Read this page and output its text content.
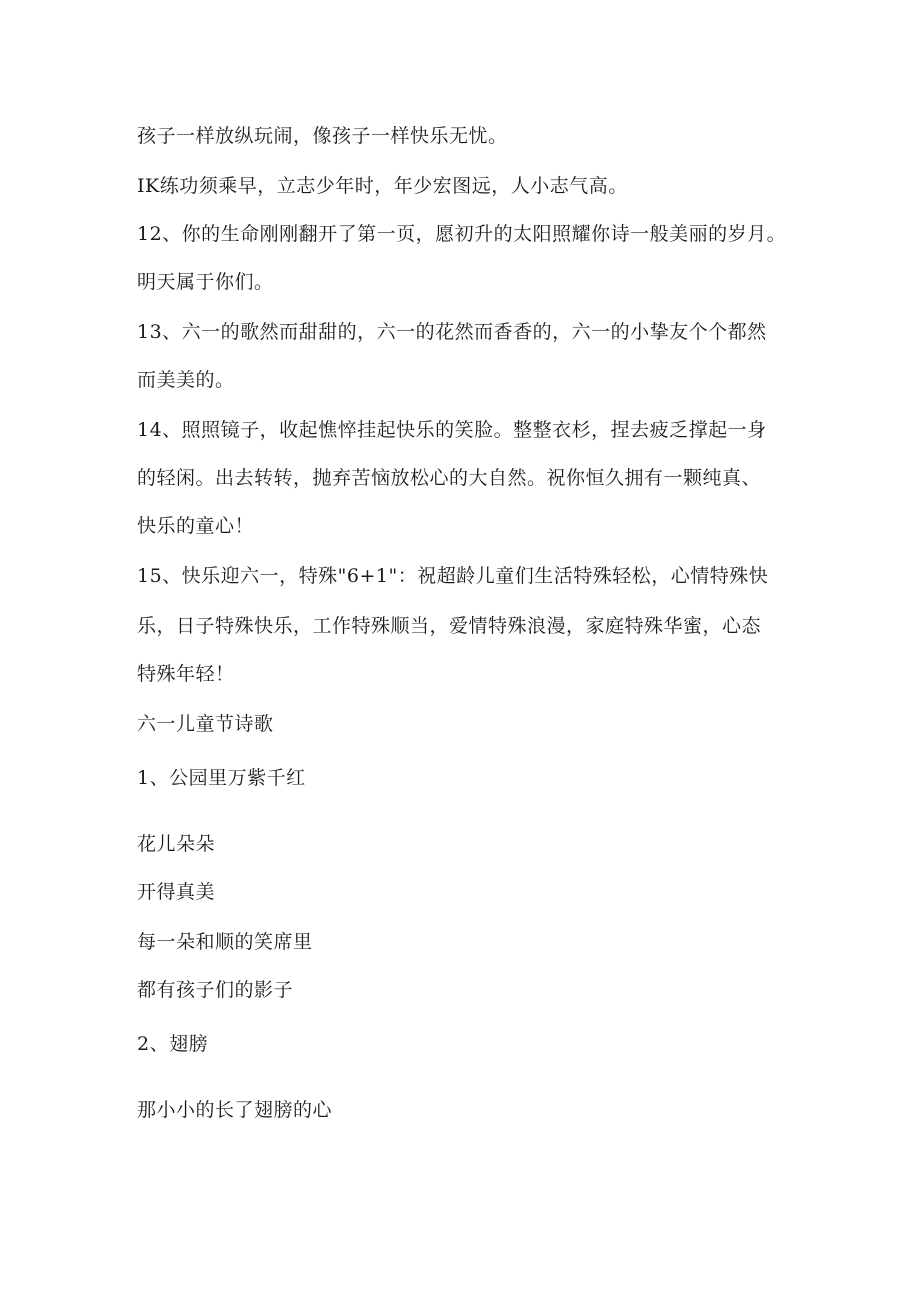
孩子一样放纵玩闹，像孩子一样快乐无忧。
IK练功须乘早，立志少年时，年少宏图远，人小志气高。
12、你的生命刚刚翻开了第一页，愿初升的太阳照耀你诗一般美丽的岁月。
明天属于你们。
13、六一的歌然而甜甜的，六一的花然而香香的，六一的小挚友个个都然
而美美的。
14、照照镜子，收起憔悴挂起快乐的笑脸。整整衣杉，捏去疲乏撑起一身
的轻闲。出去转转，抛弃苦恼放松心的大自然。祝你恒久拥有一颗纯真、
快乐的童心！
15、快乐迎六一，特殊"6+1"：祝超龄儿童们生活特殊轻松，心情特殊快
乐，日子特殊快乐，工作特殊顺当，爱情特殊浪漫，家庭特殊华蜜，心态
特殊年轻！
六一儿童节诗歌
1、公园里万紫千红
花儿朵朵
开得真美
每一朵和顺的笑席里
都有孩子们的影子
2、翅膀
那小小的长了翅膀的心
